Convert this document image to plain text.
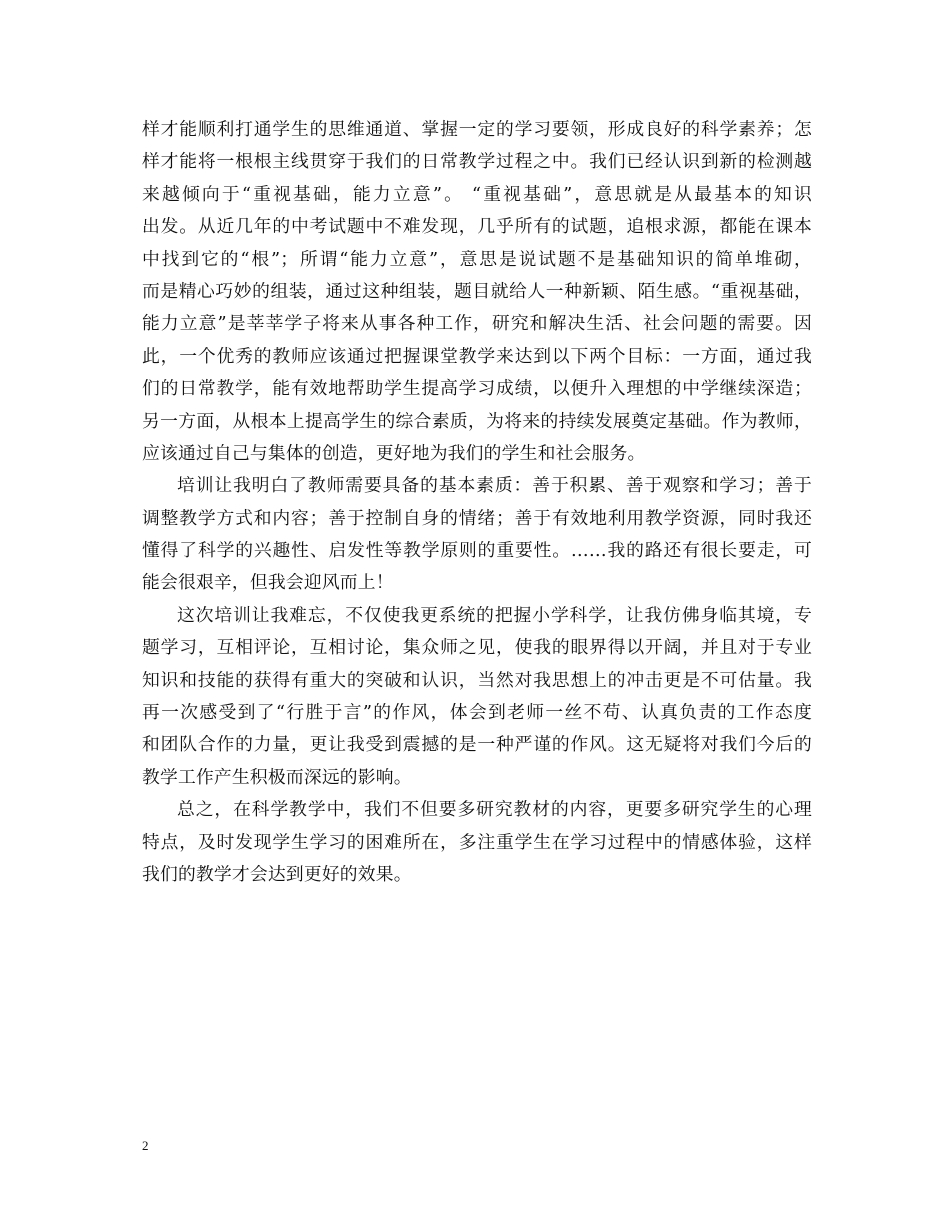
样才能顺利打通学生的思维通道、掌握一定的学习要领，形成良好的科学素养；怎
样才能将一根根主线贯穿于我们的日常教学过程之中。我们已经认识到新的检测越
来越倾向于“重视基础，能力立意”。 “重视基础”，意思就是从最基本的知识
出发。从近几年的中考试题中不难发现，几乎所有的试题，追根求源，都能在课本
中找到它的“根”；所谓“能力立意”，意思是说试题不是基础知识的简单堆砌，
而是精心巧妙的组装，通过这种组装，题目就给人一种新颖、陌生感。“重视基础，
能力立意”是莘莘学子将来从事各种工作，研究和解决生活、社会问题的需要。因
此，一个优秀的教师应该通过把握课堂教学来达到以下两个目标：一方面，通过我
们的日常教学，能有效地帮助学生提高学习成绩，以便升入理想的中学继续深造；
另一方面，从根本上提高学生的综合素质，为将来的持续发展奠定基础。作为教师，
应该通过自己与集体的创造，更好地为我们的学生和社会服务。
培训让我明白了教师需要具备的基本素质：善于积累、善于观察和学习；善于
调整教学方式和内容；善于控制自身的情绪；善于有效地利用教学资源，同时我还
懂得了科学的兴趣性、启发性等教学原则的重要性。……我的路还有很长要走，可
能会很艰辛，但我会迎风而上！
这次培训让我难忘，不仅使我更系统的把握小学科学，让我仿佛身临其境，专
题学习，互相评论，互相讨论，集众师之见，使我的眼界得以开阔，并且对于专业
知识和技能的获得有重大的突破和认识，当然对我思想上的冲击更是不可估量。我
再一次感受到了“行胜于言”的作风，体会到老师一丝不苟、认真负责的工作态度
和团队合作的力量，更让我受到震撼的是一种严谨的作风。这无疑将对我们今后的
教学工作产生积极而深远的影响。
总之，在科学教学中，我们不但要多研究教材的内容，更要多研究学生的心理
特点，及时发现学生学习的困难所在，多注重学生在学习过程中的情感体验，这样
我们的教学才会达到更好的效果。
2
